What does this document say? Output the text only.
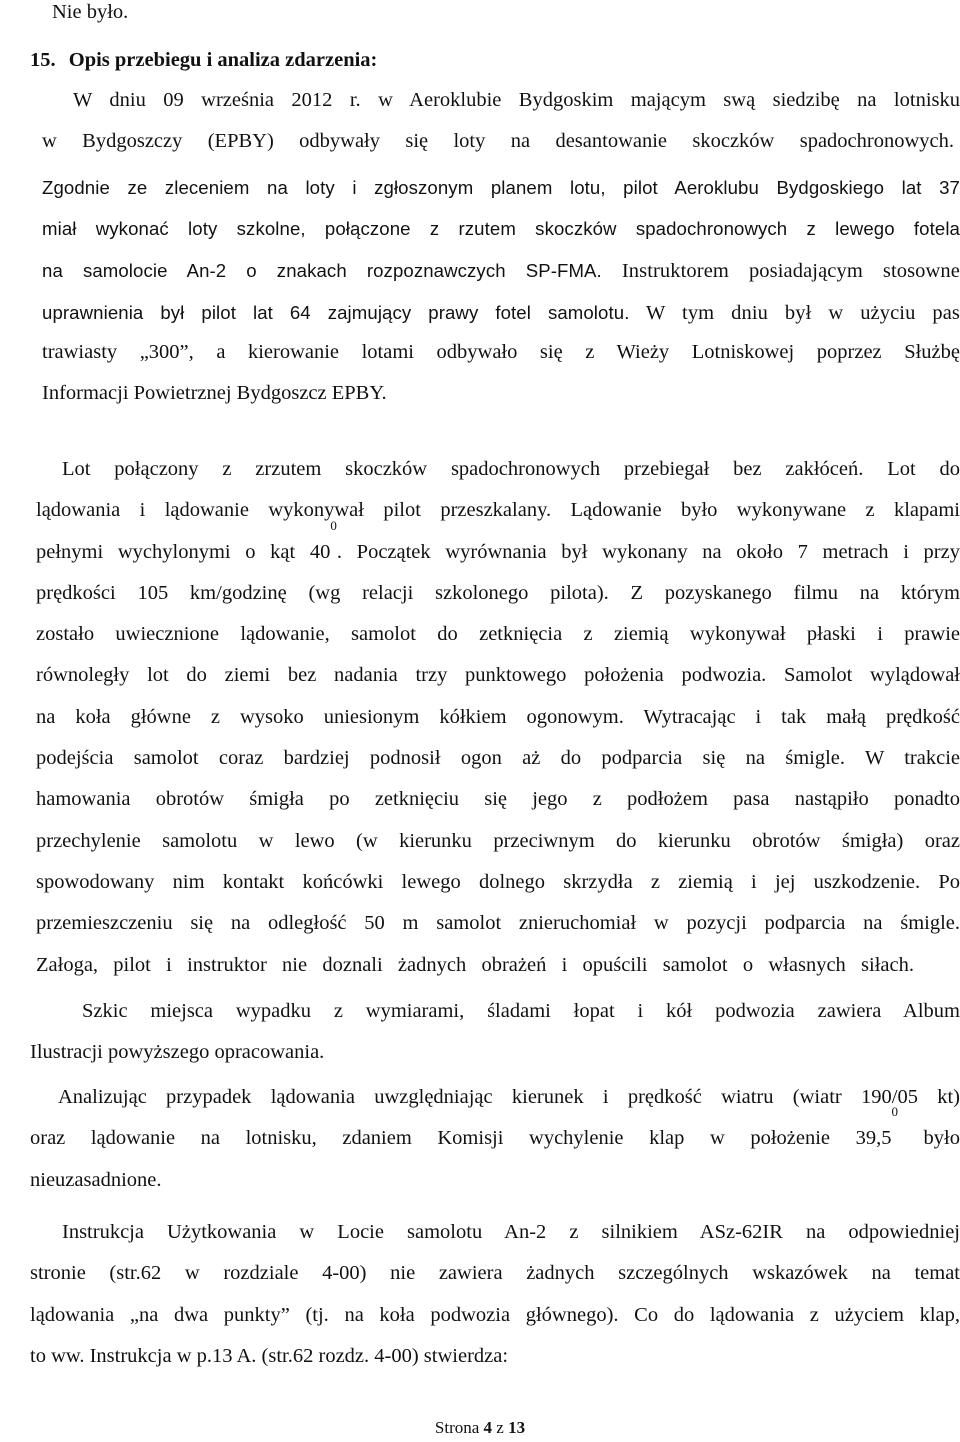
Nie było.
15. Opis przebiegu i analiza zdarzenia:
W dniu 09 września 2012 r. w Aeroklubie Bydgoskim mającym swą siedzibę na lotnisku
w Bydgoszczy (EPBY) odbywały się loty na desantowanie skoczków spadochronowych.
Zgodnie ze zleceniem na loty i zgłoszonym planem lotu, pilot Aeroklubu Bydgoskiego lat 37
miał wykonać loty szkolne, połączone z rzutem skoczków spadochronowych z lewego fotela
na samolocie An-2 o znakach rozpoznawczych SP-FMA. Instruktorem posiadającym stosowne
uprawnienia był pilot lat 64 zajmujący prawy fotel samolotu. W tym dniu był w użyciu pas
trawiasty „300”, a kierowanie lotami odbywało się z Wieży Lotniskowej poprzez Służbę
Informacji Powietrznej Bydgoszcz EPBY.
Lot połączony z zrzutem skoczków spadochronowych przebiegał bez zakłóceń. Lot do
lądowania i lądowanie wykonywał pilot przeszkalany. Lądowanie było wykonywane z klapami
pełnymi wychylonymi o kąt $40^0$. Początek wyrównania był wykonany na około 7 metrach i przy
prędkości 105 km/godzinę (wg relacji szkolonego pilota). Z pozyskanego filmu na którym
zostało uwiecznione lądowanie, samolot do zetknięcia z ziemią wykonywał płaski i prawie
równoległy lot do ziemi bez nadania trzy punktowego położenia podwozia. Samolot wylądował
na koła główne z wysoko uniesionym kółkiem ogonowym. Wytracając i tak małą prędkość
podejścia samolot coraz bardziej podnosił ogon aż do podparcia się na śmigle. W trakcie
hamowania obrotów śmigła po zetknięciu się jego z podłożem pasa nastąpiło ponadto
przechylenie samolotu w lewo (w kierunku przeciwnym do kierunku obrotów śmigła) oraz
spowodowany nim kontakt końcówki lewego dolnego skrzydła z ziemią i jej uszkodzenie. Po
przemieszczeniu się na odległość 50 m samolot znieruchomiał w pozycji podparcia na śmigle.
Załoga, pilot i instruktor nie doznali żadnych obrażeń i opuścili samolot o własnych siłach.
Szkic miejsca wypadku z wymiarami, śladami łopat i kół podwozia zawiera Album
Ilustracji powyższego opracowania.
Analizując przypadek lądowania uwzględniając kierunek i prędkość wiatru (wiatr 190/05 kt)
oraz lądowanie na lotnisku, zdaniem Komisji wychylenie klap w położenie 39,5$^0$ było
nieuzasadnione.
Instrukcja Użytkowania w Locie samolotu An-2 z silnikiem ASz-62IR na odpowiedniej
stronie (str.62 w rozdziale 4-00) nie zawiera żadnych szczególnych wskazówek na temat
lądowania „na dwa punkty” (tj. na koła podwozia głównego). Co do lądowania z użyciem klap,
to ww. Instrukcja w p.13 A. (str.62 rozdz. 4-00) stwierdza:
Strona 4 z 13
